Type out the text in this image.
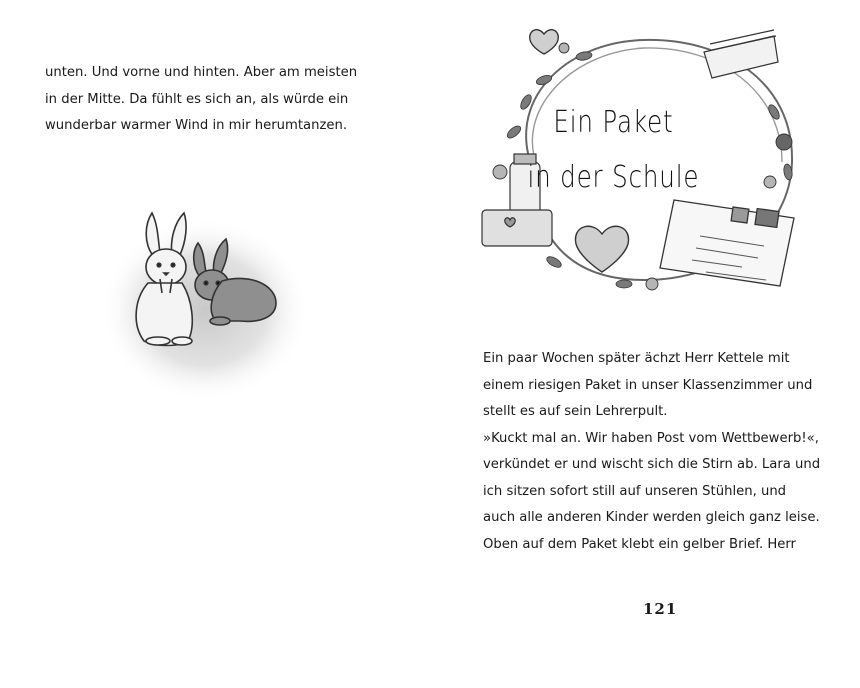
unten. Und vorne und hinten. Aber am meisten

in der Mitte. Da fühlt es sich an, als würde ein

wunderbar warmer Wind in mir herumtanzen.	Ein Paket
in der Schule

Ein paar Wochen später ächzt Herr Kettele mit

einem riesigen Paket in unser Klassenzimmer und

stellt es auf sein Lehrerpult.

»Kuckt mal an. Wir haben Post vom Wettbewerb!«,

verkündet er und wischt sich die Stirn ab. Lara und

ich sitzen sofort still auf unseren Stühlen, und

auch alle anderen Kinder werden gleich ganz leise.

Oben auf dem Paket klebt ein gelber Brief. Herr

121
